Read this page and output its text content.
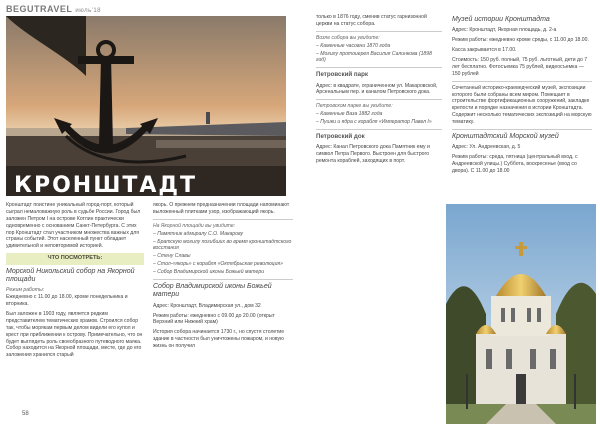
BEGUTRAVEL июль'18
КРОНШТАДТ

Кронштадт поистине уникальный город-порт, который сыграл немаловажную роль в судьбе России. Город был заложен Петром I на острове Котлин практически одновременно с основанием Санкт-Петербурга. С этих пор Кронштадт стал участником множества важных для страны событий. Этот населенный пункт обладает удивительной и неповторимой историей.

ЧТО ПОСМОТРЕТЬ:
Морской Никольский собор на Якорной площади
Режим работы:

Ежедневно с 11.00 до 18.00, кроме понедельника и вторника.

Был заложен в 1903 году, является редким представителем тематических храмов. Строился собор так, чтобы морякам первым делом видели его купол и крест при приближении к острову. Примечательно, что он будет выглядеть роль своеобразного путеводного маяка. Собор находится на Якорной площади, месте, где до его заложения хранился старый

якорь. О прежнем предназначении площади напоминают выложенный плитками узор, изображающий якорь.

На Якорной площади вы увидите:
– Памятник адмиралу С.О. Макарову
– Братскую могилу погибших во время кронштадтского восстания
– Стену Славы
– Стол-«якорь» с корабля «Октябрьская революция»
– Собор Владимирской иконы Божьей матери
Собор Владимирской иконы Божьей матери

Адрес: Кронштадт, Владимирская ул., дом 32

Режим работы: ежедневно с 09.00 до 20.00 (открыт Верхний или Нижний храм)

История собора начинается 1730 г., но спустя столетие здание в частности был уничтожены пожаром, и новую жизнь он получил

58

только в 1876 году, сменив статус гарнизонной церкви на статус собора.

Возле собора вы увидите:
– Каменные часовни 1870 года
– Могилу протоиерея Василия Салинкова (1898 год)
Петровский парк

Адрес: в квадрате, ограниченном ул. Макаровской, Арсенальным пер. и каналом Петровского дока.

Петровском парке вы увидите:
– Каменные Ваза 1882 года
– Пушки и ядра с корабля «Император Павел I»
Петровский док

Адрес: Канал Петровского дока Памятник ему и символ Петра Первого. Выстроен для быстрого ремонта кораблей, заходящих в порт.

Музей истории Кронштадта

Адрес: Кронштадт, Якорная площадь, д. 2-а

Режим работы: ежедневно кроме среды, с 11.00 до 18.00.

Касса закрывается в 17.00.

Стоимость: 150 руб. полный, 75 руб. льготный, дети до 7 лет бесплатно. Фотосъемка 75 рублей, видеосъемка — 150 рублей

Сочетанный историко-краеведческий музей, экспозиции которого были собраны всем миром. Помещает в строительстве фортификационных сооружений, закладке крепости и порядке назначения в истории Кронштадта. Содержит несколько тематических экспозиций на морскую тематику.

Кронштадтский Морской музей

Адрес: Ул. Андреевская, д. 5

Режим работы: среда, пятница (центральный вход, с Андреевской улицы.) Суббота, воскресенье (вход со двора). С 11.00 до 18.00
